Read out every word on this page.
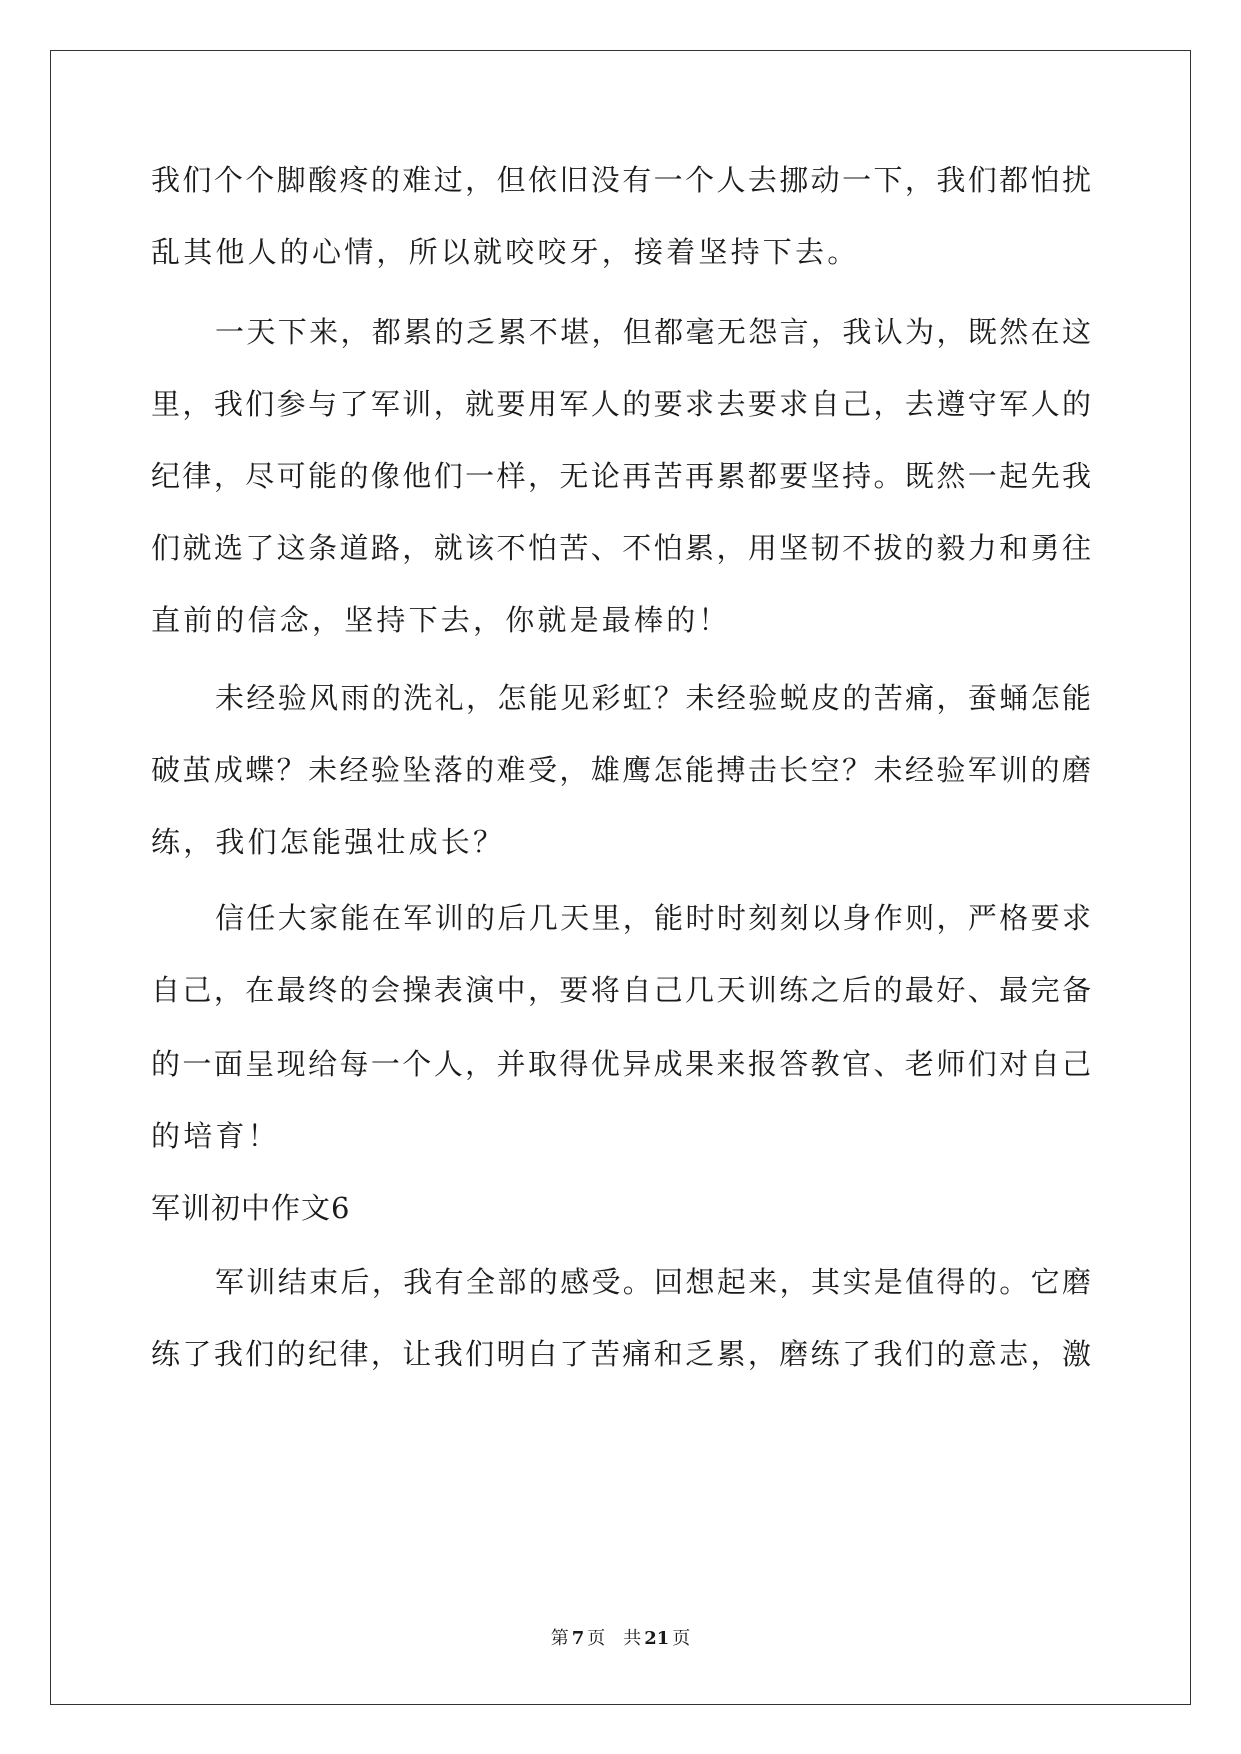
我们个个脚酸疼的难过，但依旧没有一个人去挪动一下，我们都怕扰
乱其他人的心情，所以就咬咬牙，接着坚持下去。
一天下来，都累的乏累不堪，但都毫无怨言，我认为，既然在这
里，我们参与了军训，就要用军人的要求去要求自己，去遵守军人的
纪律，尽可能的像他们一样，无论再苦再累都要坚持。既然一起先我
们就选了这条道路，就该不怕苦、不怕累，用坚韧不拔的毅力和勇往
直前的信念，坚持下去，你就是最棒的！
未经验风雨的洗礼，怎能见彩虹？未经验蜕皮的苦痛，蚕蛹怎能
破茧成蝶？未经验坠落的难受，雄鹰怎能搏击长空？未经验军训的磨
练，我们怎能强壮成长？
信任大家能在军训的后几天里，能时时刻刻以身作则，严格要求
自己，在最终的会操表演中，要将自己几天训练之后的最好、最完备
的一面呈现给每一个人，并取得优异成果来报答教官、老师们对自己
的培育！
军训初中作文6
军训结束后，我有全部的感受。回想起来，其实是值得的。它磨
练了我们的纪律，让我们明白了苦痛和乏累，磨练了我们的意志，激
第 7 页 共 21 页
